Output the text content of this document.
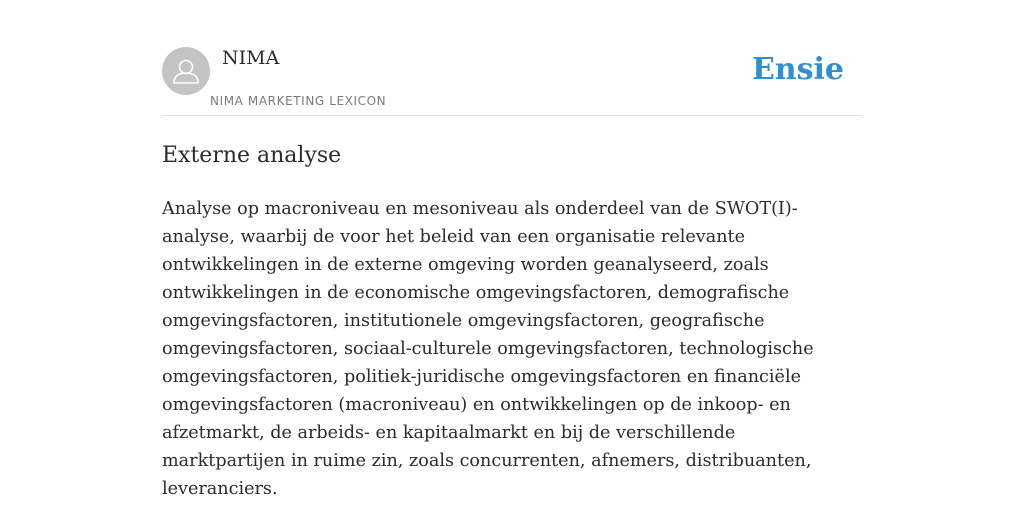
NIMA
NIMA MARKETING LEXICON
Ensie
Externe analyse

Analyse op macroniveau en mesoniveau als onderdeel van de SWOT(I)-analyse, waarbij de voor het beleid van een organisatie relevante ontwikkelingen in de externe omgeving worden geanalyseerd, zoals ontwikkelingen in de economische omgevingsfactoren, demografische omgevingsfactoren, institutionele omgevingsfactoren, geografische omgevingsfactoren, sociaal-culturele omgevingsfactoren, technologische omgevingsfactoren, politiek-juridische omgevingsfactoren en financiële omgevingsfactoren (macroniveau) en ontwikkelingen op de inkoop- en afzetmarkt, de arbeids- en kapitaalmarkt en bij de verschillende marktpartijen in ruime zin, zoals concurrenten, afnemers, distribuanten, leveranciers.
